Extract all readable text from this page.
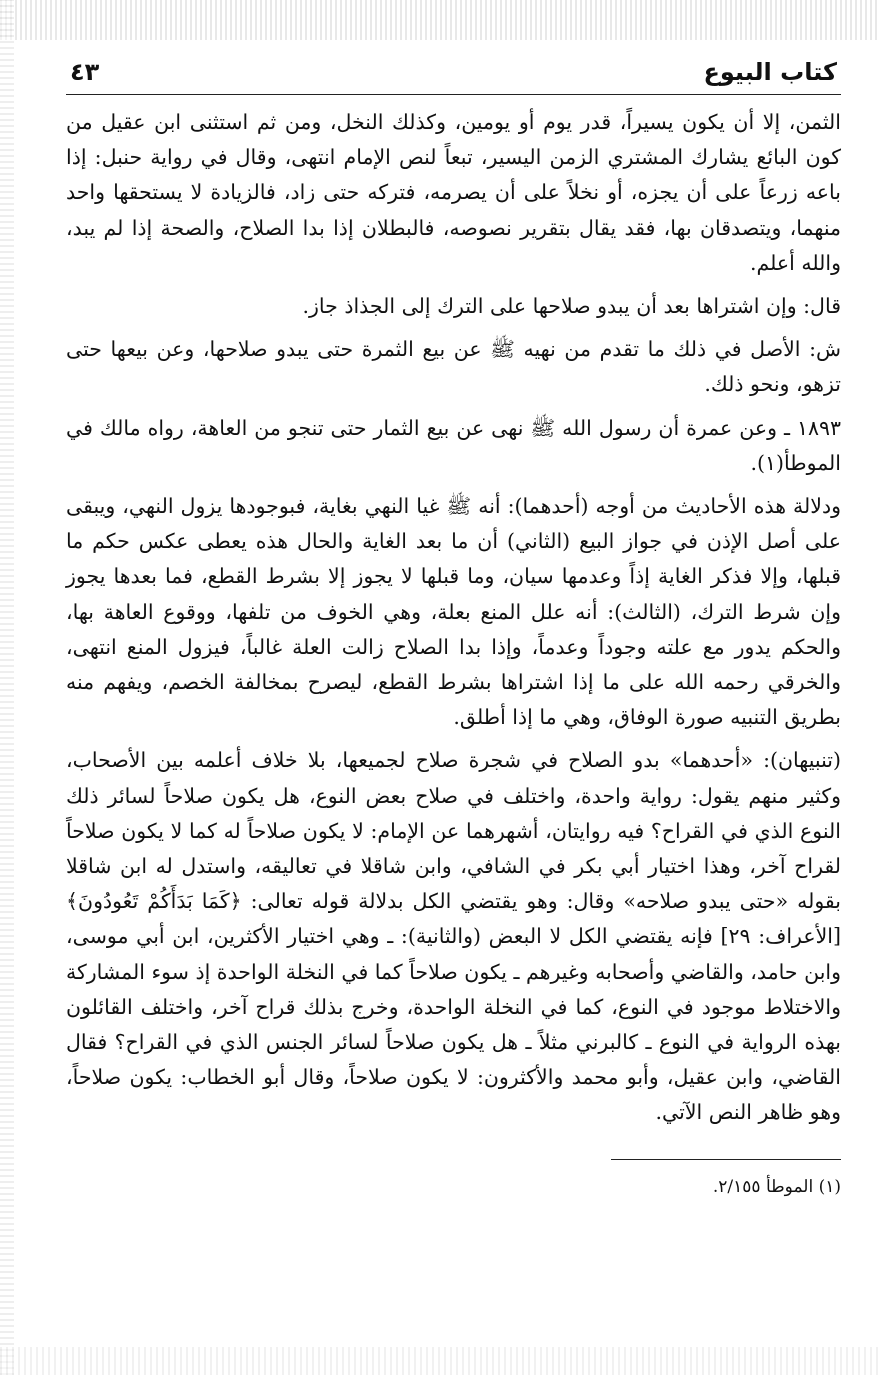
كتاب البيوع
٤٣

الثمن، إلا أن يكون يسيراً، قدر يوم أو يومين، وكذلك النخل، ومن ثم استثنى ابن عقيل من كون البائع يشارك المشتري الزمن اليسير، تبعاً لنص الإمام انتهى، وقال في رواية حنبل: إذا باعه زرعاً على أن يجزه، أو نخلاً على أن يصرمه، فتركه حتى زاد، فالزيادة لا يستحقها واحد منهما، ويتصدقان بها، فقد يقال بتقرير نصوصه، فالبطلان إذا بدا الصلاح، والصحة إذا لم يبد، والله أعلم.

قال: وإن اشتراها بعد أن يبدو صلاحها على الترك إلى الجذاذ جاز.

ش: الأصل في ذلك ما تقدم من نهيه ﷺ عن بيع الثمرة حتى يبدو صلاحها، وعن بيعها حتى تزهو، ونحو ذلك.

١٨٩٣ ـ وعن عمرة أن رسول الله ﷺ نهى عن بيع الثمار حتى تنجو من العاهة، رواه مالك في الموطأ(١).

ودلالة هذه الأحاديث من أوجه (أحدهما): أنه ﷺ غيا النهي بغاية، فبوجودها يزول النهي، ويبقى على أصل الإذن في جواز البيع (الثاني) أن ما بعد الغاية والحال هذه يعطى عكس حكم ما قبلها، وإلا فذكر الغاية إذاً وعدمها سيان، وما قبلها لا يجوز إلا بشرط القطع، فما بعدها يجوز وإن شرط الترك، (الثالث): أنه علل المنع بعلة، وهي الخوف من تلفها، ووقوع العاهة بها، والحكم يدور مع علته وجوداً وعدماً، وإذا بدا الصلاح زالت العلة غالباً، فيزول المنع انتهى، والخرقي رحمه الله على ما إذا اشتراها بشرط القطع، ليصرح بمخالفة الخصم، ويفهم منه بطريق التنبيه صورة الوفاق، وهي ما إذا أطلق.

(تنبيهان): «أحدهما» بدو الصلاح في شجرة صلاح لجميعها، بلا خلاف أعلمه بين الأصحاب، وكثير منهم يقول: رواية واحدة، واختلف في صلاح بعض النوع، هل يكون صلاحاً لسائر ذلك النوع الذي في القراح؟ فيه روايتان، أشهرهما عن الإمام: لا يكون صلاحاً له كما لا يكون صلاحاً لقراح آخر، وهذا اختيار أبي بكر في الشافي، وابن شاقلا في تعاليقه، واستدل له ابن شاقلا بقوله «حتى يبدو صلاحه» وقال: وهو يقتضي الكل بدلالة قوله تعالى: ﴿كَمَا بَدَأَكُمْ تَعُودُونَ﴾ [الأعراف: ٢٩] فإنه يقتضي الكل لا البعض (والثانية): ـ وهي اختيار الأكثرين، ابن أبي موسى، وابن حامد، والقاضي وأصحابه وغيرهم ـ يكون صلاحاً كما في النخلة الواحدة إذ سوء المشاركة والاختلاط موجود في النوع، كما في النخلة الواحدة، وخرج بذلك قراح آخر، واختلف القائلون بهذه الرواية في النوع ـ كالبرني مثلاً ـ هل يكون صلاحاً لسائر الجنس الذي في القراح؟ فقال القاضي، وابن عقيل، وأبو محمد والأكثرون: لا يكون صلاحاً، وقال أبو الخطاب: يكون صلاحاً، وهو ظاهر النص الآتي.

(١) الموطأ ٢/١٥٥.
